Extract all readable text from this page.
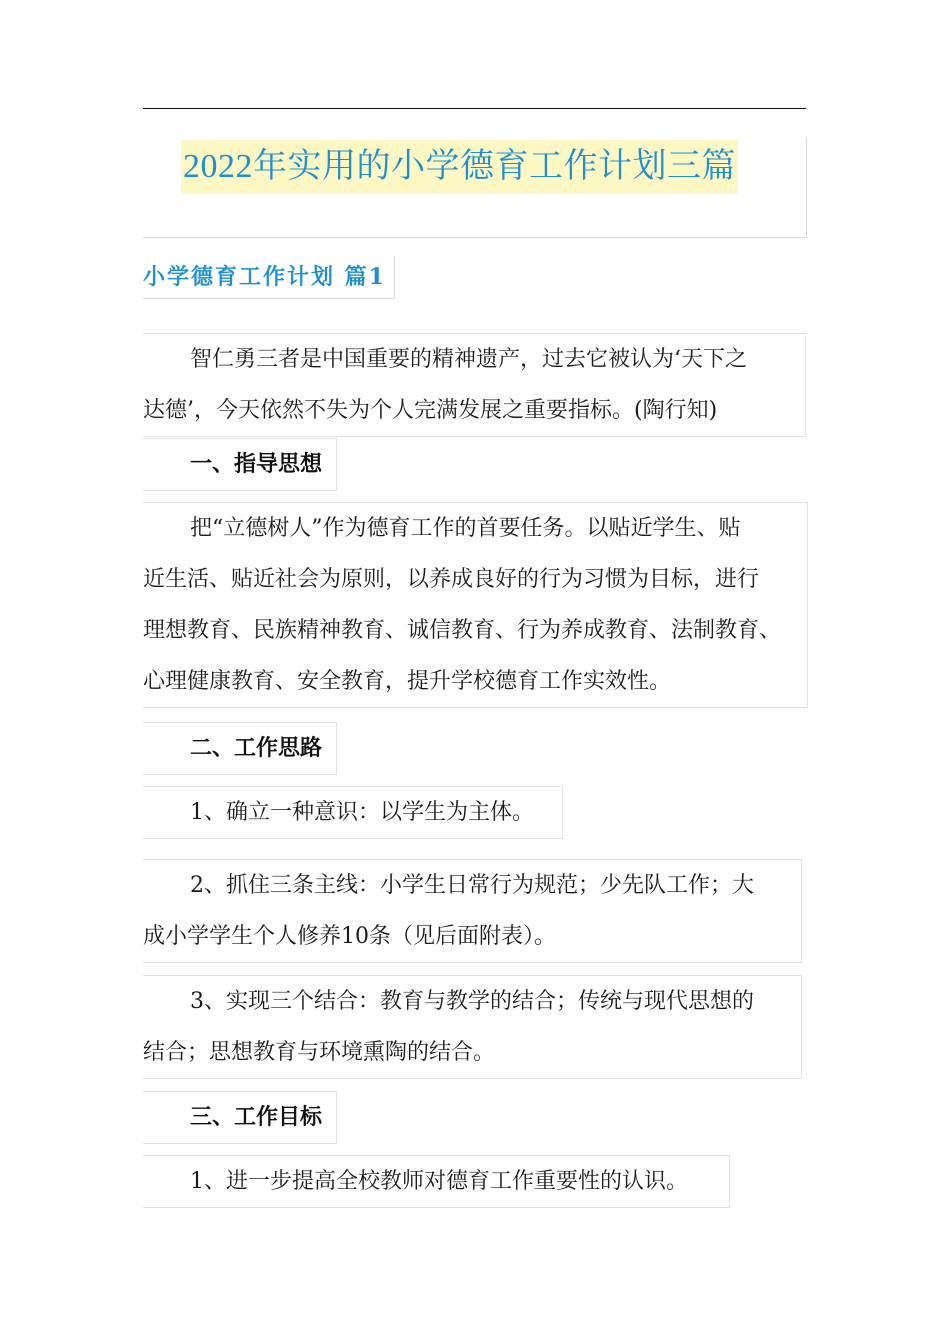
2022年实用的小学德育工作计划三篇
小学德育工作计划 篇1
智仁勇三者是中国重要的精神遗产，过去它被认为‘天下之
达德’，今天依然不失为个人完满发展之重要指标。(陶行知)
一、指导思想
把“立德树人”作为德育工作的首要任务。以贴近学生、贴
近生活、贴近社会为原则，以养成良好的行为习惯为目标，进行
理想教育、民族精神教育、诚信教育、行为养成教育、法制教育、
心理健康教育、安全教育，提升学校德育工作实效性。
二、工作思路
1、确立一种意识：以学生为主体。
2、抓住三条主线：小学生日常行为规范；少先队工作；大
成小学学生个人修养10条（见后面附表）。
3、实现三个结合：教育与教学的结合；传统与现代思想的
结合；思想教育与环境熏陶的结合。
三、工作目标
1、进一步提高全校教师对德育工作重要性的认识。
